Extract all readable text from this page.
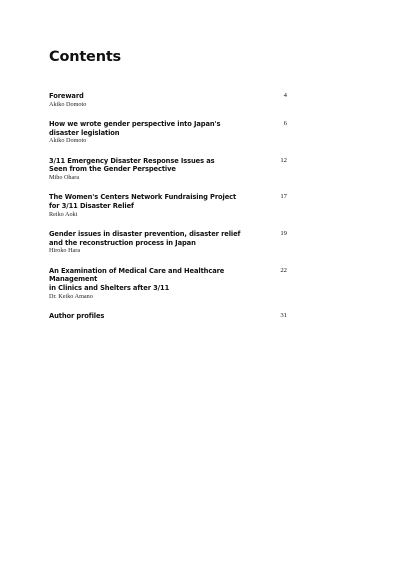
Contents
Foreward
Akiko Domoto
4
How we wrote gender perspective into Japan's
disaster legislation
Akiko Domoto
6
3/11 Emergency Disaster Response Issues as
Seen from the Gender Perspective
Miho Ohara
12
The Women's Centers Network Fundraising Project
for 3/11 Disaster Relief
Reiko Aoki
17
Gender issues in disaster prevention, disaster relief
and the reconstruction process in Japan
Hiroko Hara
19
An Examination of Medical Care and Healthcare Management
in Clinics and Shelters after 3/11
Dr. Keiko Amano
22
Author profiles	31
